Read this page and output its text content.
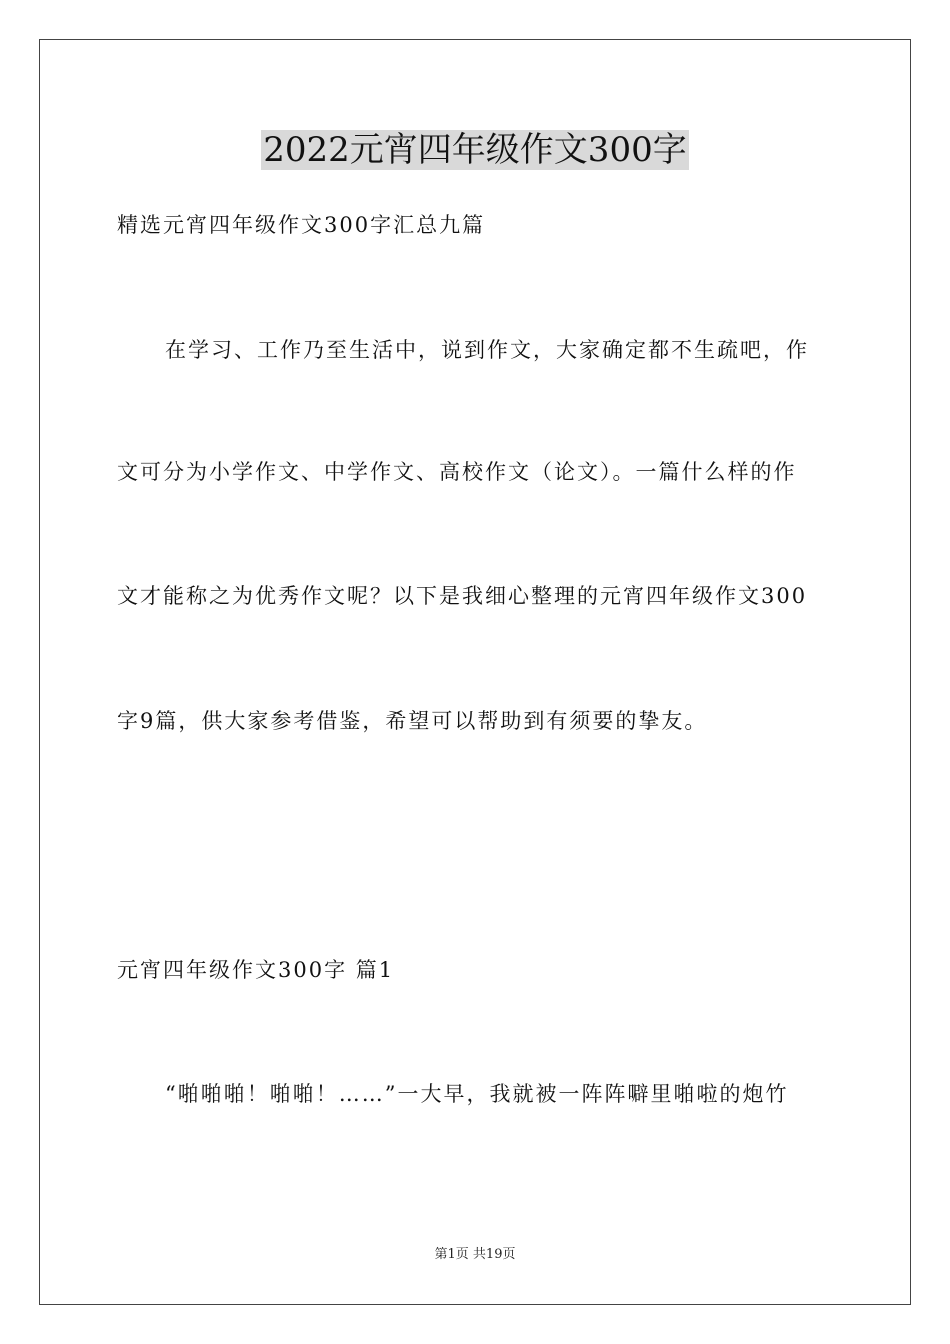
2022元宵四年级作文300字
精选元宵四年级作文300字汇总九篇
在学习、工作乃至生活中，说到作文，大家确定都不生疏吧，作
文可分为小学作文、中学作文、高校作文（论文）。一篇什么样的作
文才能称之为优秀作文呢？以下是我细心整理的元宵四年级作文300
字9篇，供大家参考借鉴，希望可以帮助到有须要的挚友。
元宵四年级作文300字 篇1
“啪啪啪！啪啪！……”一大早，我就被一阵阵噼里啪啦的炮竹
第1页 共19页
